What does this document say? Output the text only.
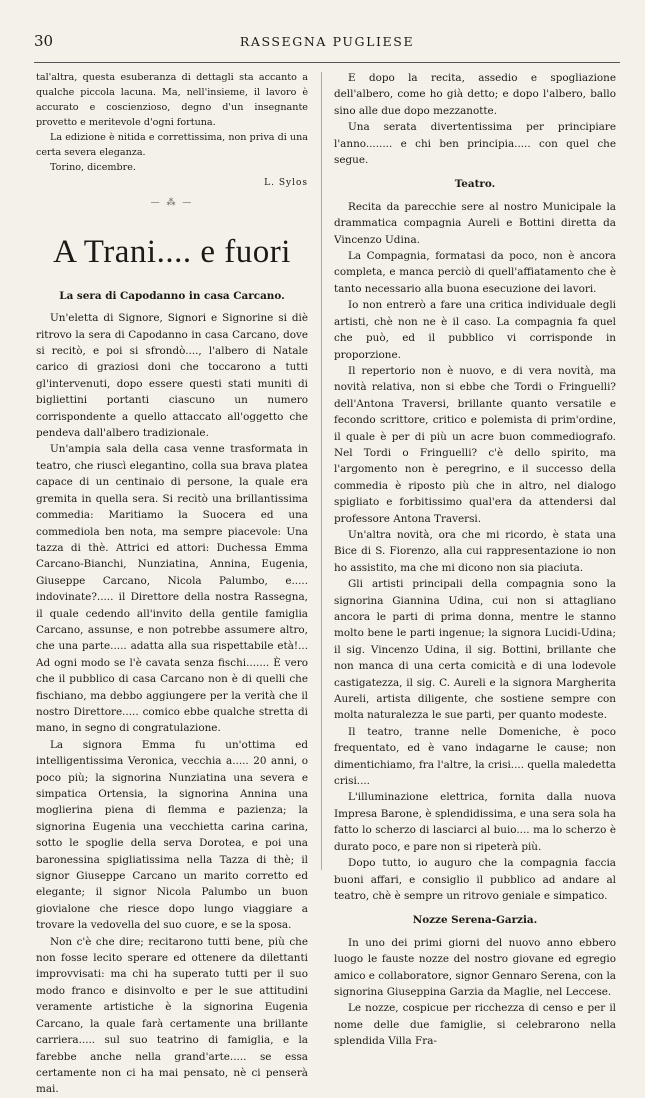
30	RASSEGNA PUGLIESE

tal'altra, questa esuberanza di dettagli sta accanto a qualche piccola lacuna. Ma, nell'insieme, il lavoro è accurato e coscienzioso, degno d'un insegnante provetto e meritevole d'ogni fortuna.

La edizione è nitida e correttissima, non priva di una certa severa eleganza.

Torino, dicembre.

L. Sylos

— ⁂ —
A Trani.... e fuori
La sera di Capodanno in casa Carcano.

Un'eletta di Signore, Signori e Signorine si diè ritrovo la sera di Capodanno in casa Carcano, dove si recitò, e poi si sfrondò...., l'albero di Natale carico di graziosi doni che toccarono a tutti gl'intervenuti, dopo essere questi stati muniti di bigliettini portanti ciascuno un numero corrispondente a quello attaccato all'oggetto che pendeva dall'albero tradizionale.

Un'ampia sala della casa venne trasformata in teatro, che riuscì elegantino, colla sua brava platea capace di un centinaio di persone, la quale era gremita in quella sera. Si recitò una brillantissima commedia: Maritiamo la Suocera ed una commediola ben nota, ma sempre piacevole: Una tazza di thè. Attrici ed attori: Duchessa Emma Carcano-Bianchi, Nunziatina, Annina, Eugenia, Giuseppe Carcano, Nicola Palumbo, e..... indovinate?..... il Direttore della nostra Rassegna, il quale cedendo all'invito della gentile famiglia Carcano, assunse, e non potrebbe assumere altro, che una parte..... adatta alla sua rispettabile età!... Ad ogni modo se l'è cavata senza fischi....... È vero che il pubblico di casa Carcano non è di quelli che fischiano, ma debbo aggiungere per la verità che il nostro Direttore..... comico ebbe qualche stretta di mano, in segno di congratulazione.

La signora Emma fu un'ottima ed intelligentissima Veronica, vecchia a..... 20 anni, o poco più; la signorina Nunziatina una severa e simpatica Ortensia, la signorina Annina una moglierina piena di flemma e pazienza; la signorina Eugenia una vecchietta carina carina, sotto le spoglie della serva Dorotea, e poi una baronessina spigliatissima nella Tazza di thè; il signor Giuseppe Carcano un marito corretto ed elegante; il signor Nicola Palumbo un buon giovialone che riesce dopo lungo viaggiare a trovare la vedovella del suo cuore, e se la sposa.

Non c'è che dire; recitarono tutti bene, più che non fosse lecito sperare ed ottenere da dilettanti improvvisati: ma chi ha superato tutti per il suo modo franco e disinvolto e per le sue attitudini veramente artistiche è la signorina Eugenia Carcano, la quale farà certamente una brillante carriera..... sul suo teatrino di famiglia, e la farebbe anche nella grand'arte..... se essa certamente non ci ha mai pensato, nè ci penserà mai.

E dopo la recita, assedio e spogliazione dell'albero, come ho già detto; e dopo l'albero, ballo sino alle due dopo mezzanotte.

Una serata divertentissima per principiare l'anno........ e chi ben principia..... con quel che segue.

Teatro.

Recita da parecchie sere al nostro Municipale la drammatica compagnia Aureli e Bottini diretta da Vincenzo Udina.

La Compagnia, formatasi da poco, non è ancora completa, e manca perciò di quell'affiatamento che è tanto necessario alla buona esecuzione dei lavori.

Io non entrerò a fare una critica individuale degli artisti, chè non ne è il caso. La compagnia fa quel che può, ed il pubblico vi corrisponde in proporzione.

Il repertorio non è nuovo, e di vera novità, ma novità relativa, non si ebbe che Tordi o Fringuelli? dell'Antona Traversi, brillante quanto versatile e fecondo scrittore, critico e polemista di prim'ordine, il quale è per di più un acre buon commediografo. Nel Tordi o Fringuelli? c'è dello spirito, ma l'argomento non è peregrino, e il successo della commedia è riposto più che in altro, nel dialogo spigliato e forbitissimo qual'era da attendersi dal professore Antona Traversi.

Un'altra novità, ora che mi ricordo, è stata una Bice di S. Fiorenzo, alla cui rappresentazione io non ho assistito, ma che mi dicono non sia piaciuta.

Gli artisti principali della compagnia sono la signorina Giannina Udina, cui non si attagliano ancora le parti di prima donna, mentre le stanno molto bene le parti ingenue; la signora Lucidi-Udina; il sig. Vincenzo Udina, il sig. Bottini, brillante che non manca di una certa comicità e di una lodevole castigatezza, il sig. C. Aureli e la signora Margherita Aureli, artista diligente, che sostiene sempre con molta naturalezza le sue parti, per quanto modeste.

Il teatro, tranne nelle Domeniche, è poco frequentato, ed è vano indagarne le cause; non dimentichiamo, fra l'altre, la crisi.... quella maledetta crisi....

L'illuminazione elettrica, fornita dalla nuova Impresa Barone, è splendidissima, e una sera sola ha fatto lo scherzo di lasciarci al buio.... ma lo scherzo è durato poco, e pare non si ripeterà più.

Dopo tutto, io auguro che la compagnia faccia buoni affari, e consiglio il pubblico ad andare al teatro, chè è sempre un ritrovo geniale e simpatico.

Nozze Serena-Garzia.

In uno dei primi giorni del nuovo anno ebbero luogo le fauste nozze del nostro giovane ed egregio amico e collaboratore, signor Gennaro Serena, con la signorina Giuseppina Garzia da Maglie, nel Leccese.

Le nozze, cospicue per ricchezza di censo e per il nome delle due famiglie, si celebrarono nella splendida Villa Fra-
